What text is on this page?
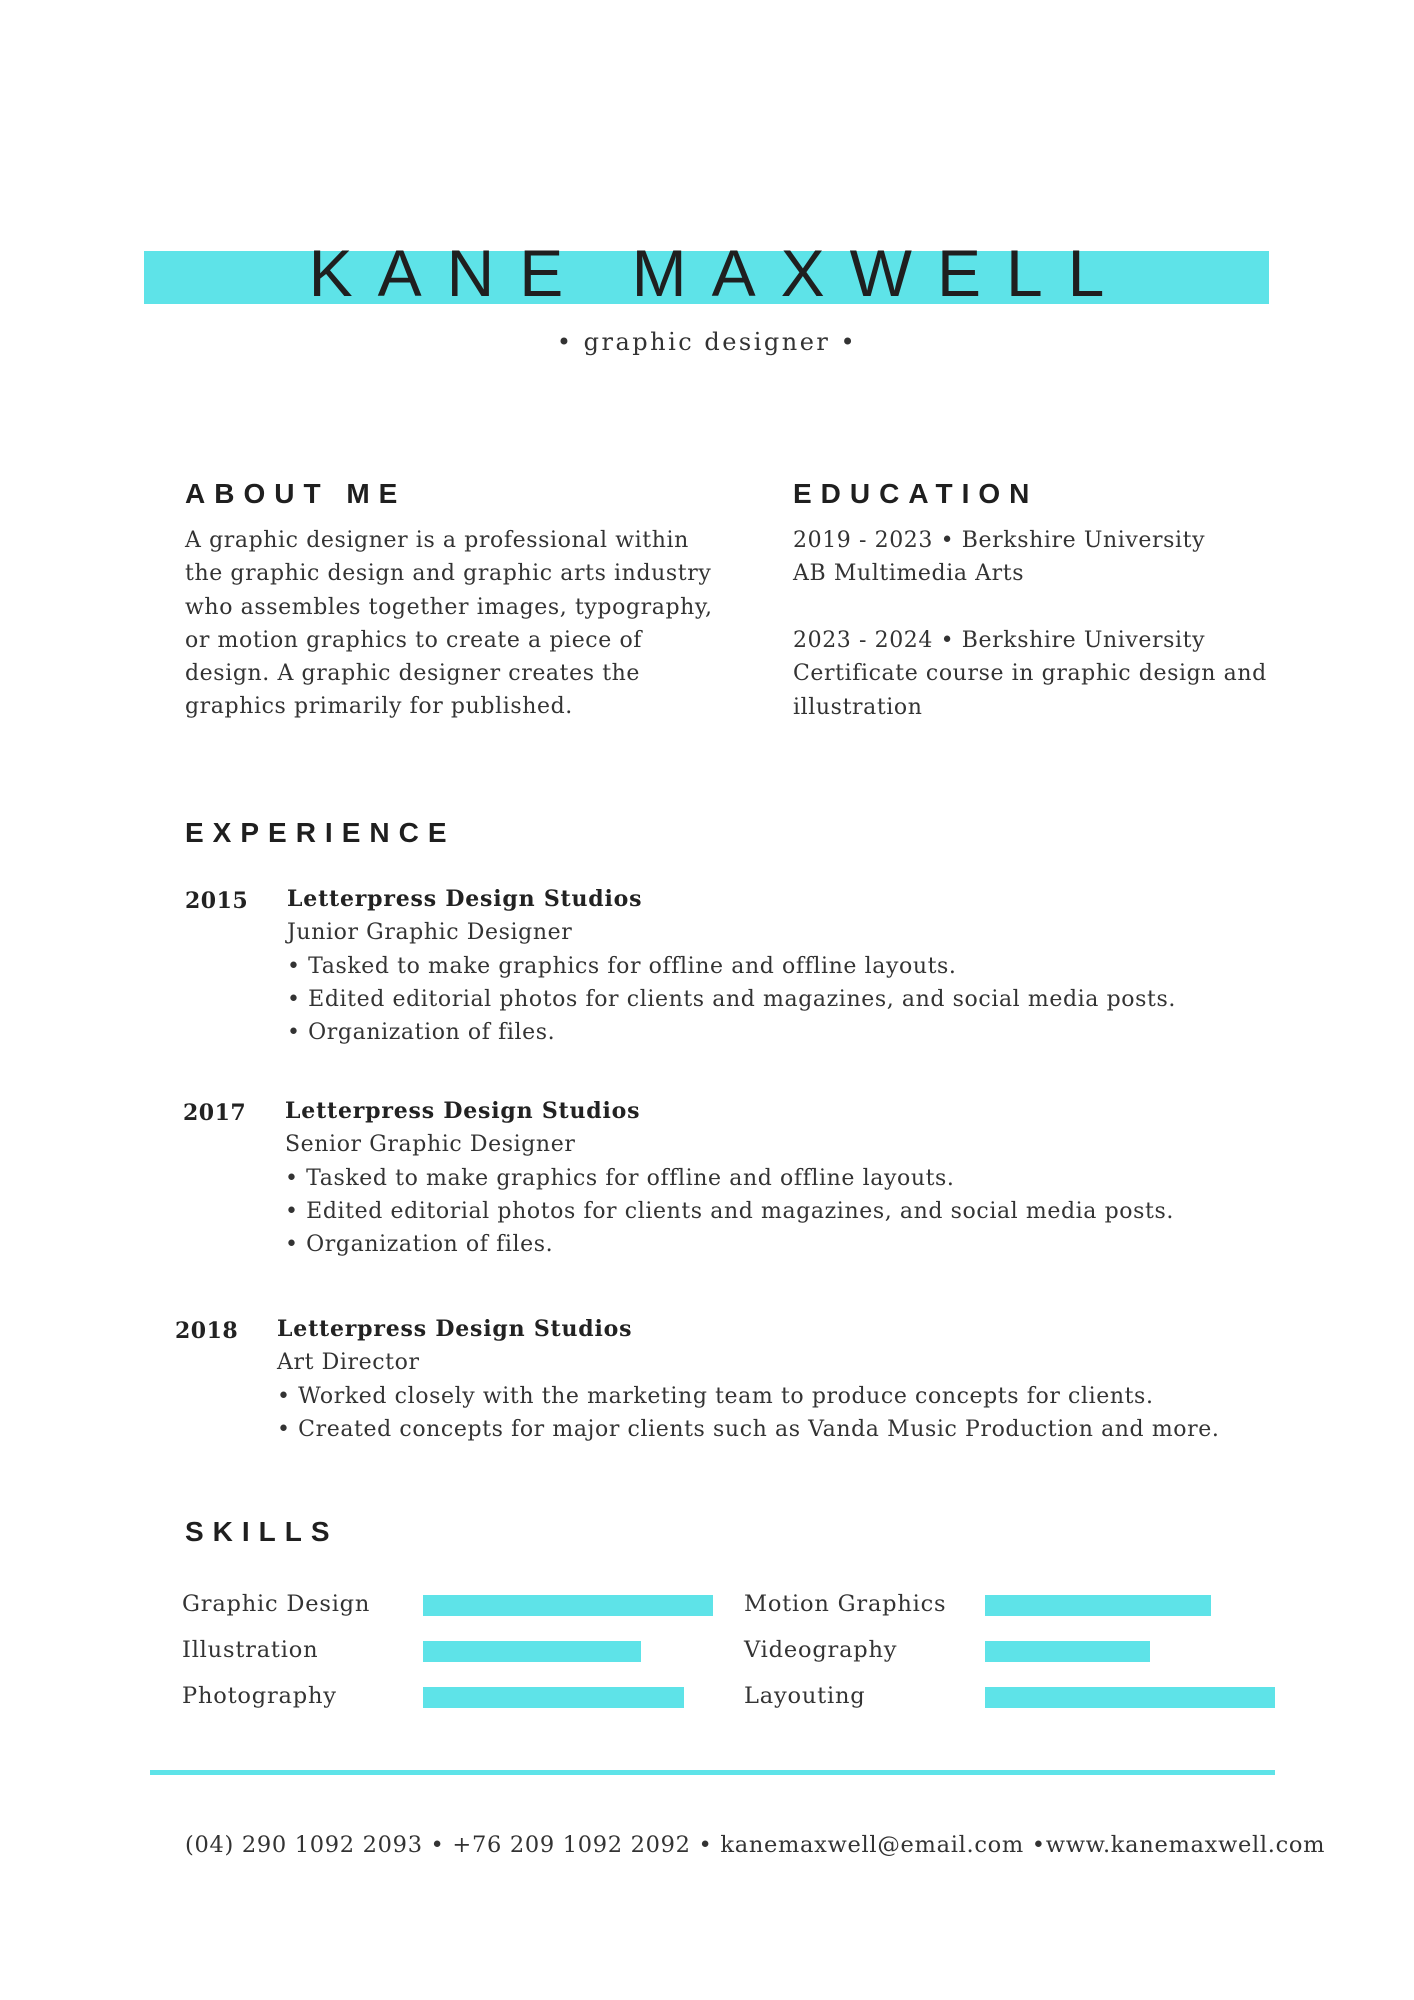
KANE MAXWELL
• graphic designer •
ABOUT ME
A graphic designer is a professional within
the graphic design and graphic arts industry
who assembles together images, typography,
or motion graphics to create a piece of
design. A graphic designer creates the
graphics primarily for published.
EDUCATION
2019 - 2023 • Berkshire University
AB Multimedia Arts
2023 - 2024 • Berkshire University
Certificate course in graphic design and
illustration
EXPERIENCE
2015 Letterpress Design Studios
Junior Graphic Designer
• Tasked to make graphics for offline and offline layouts.
• Edited editorial photos for clients and magazines, and social media posts.
• Organization of files.
2017 Letterpress Design Studios
Senior Graphic Designer
• Tasked to make graphics for offline and offline layouts.
• Edited editorial photos for clients and magazines, and social media posts.
• Organization of files.
2018 Letterpress Design Studios
Art Director
• Worked closely with the marketing team to produce concepts for clients.
• Created concepts for major clients such as Vanda Music Production and more.
SKILLS
Graphic Design
Illustration
Photography
Motion Graphics
Videography
Layouting
(04) 290 1092 2093 • +76 209 1092 2092 • kanemaxwell@email.com •www.kanemaxwell.com
